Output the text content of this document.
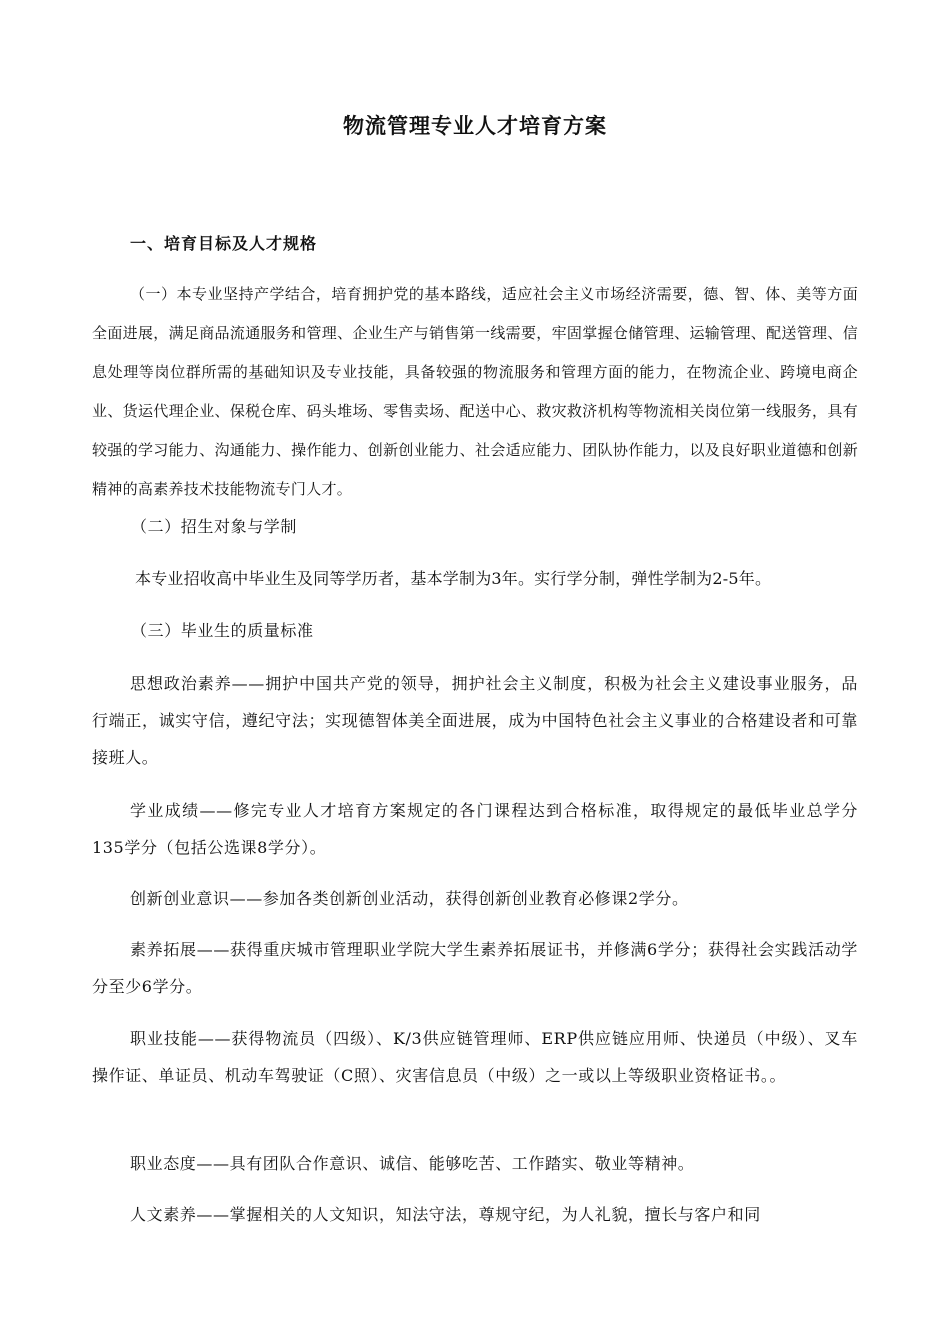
物流管理专业人才培育方案
一、培育目标及人才规格
（一）本专业坚持产学结合，培育拥护党的基本路线，适应社会主义市场经济需要，德、智、体、美等方面全面进展，满足商品流通服务和管理、企业生产与销售第一线需要，牢固掌握仓储管理、运输管理、配送管理、信息处理等岗位群所需的基础知识及专业技能，具备较强的物流服务和管理方面的能力，在物流企业、跨境电商企业、货运代理企业、保税仓库、码头堆场、零售卖场、配送中心、救灾救济机构等物流相关岗位第一线服务，具有较强的学习能力、沟通能力、操作能力、创新创业能力、社会适应能力、团队协作能力，以及良好职业道德和创新精神的高素养技术技能物流专门人才。
（二）招生对象与学制
本专业招收高中毕业生及同等学历者，基本学制为3年。实行学分制，弹性学制为2-5年。
（三）毕业生的质量标准
思想政治素养——拥护中国共产党的领导，拥护社会主义制度，积极为社会主义建设事业服务，品行端正，诚实守信，遵纪守法；实现德智体美全面进展，成为中国特色社会主义事业的合格建设者和可靠接班人。
学业成绩——修完专业人才培育方案规定的各门课程达到合格标准，取得规定的最低毕业总学分135学分（包括公选课8学分）。
创新创业意识——参加各类创新创业活动，获得创新创业教育必修课2学分。
素养拓展——获得重庆城市管理职业学院大学生素养拓展证书，并修满6学分；获得社会实践活动学分至少6学分。
职业技能——获得物流员（四级）、K/3供应链管理师、ERP供应链应用师、快递员（中级）、叉车操作证、单证员、机动车驾驶证（C照）、灾害信息员（中级）之一或以上等级职业资格证书。。
职业态度——具有团队合作意识、诚信、能够吃苦、工作踏实、敬业等精神。
人文素养——掌握相关的人文知识，知法守法，尊规守纪，为人礼貌，擅长与客户和同
